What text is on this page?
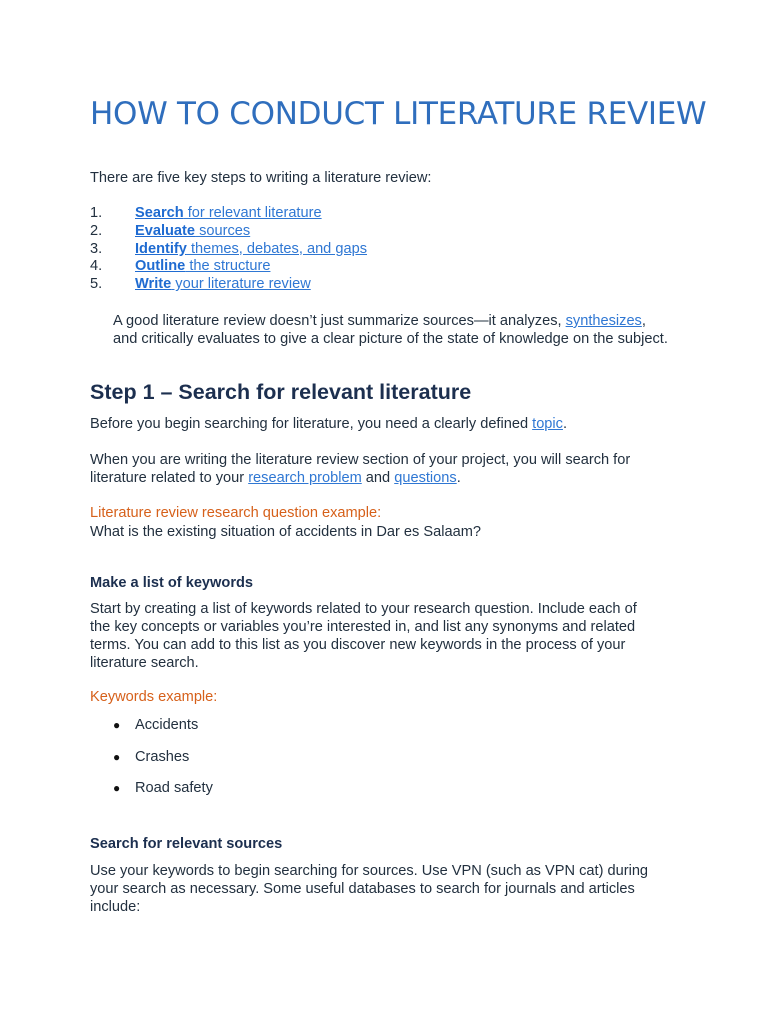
HOW TO CONDUCT LITERATURE REVIEW

There are five key steps to writing a literature review:

1. Search for relevant literature
2. Evaluate sources
3. Identify themes, debates, and gaps
4. Outline the structure
5. Write your literature review

A good literature review doesn’t just summarize sources—it analyzes, synthesizes, and critically evaluates to give a clear picture of the state of knowledge on the subject.

Step 1 – Search for relevant literature

Before you begin searching for literature, you need a clearly defined topic.

When you are writing the literature review section of your project, you will search for literature related to your research problem and questions.

Literature review research question example:

What is the existing situation of accidents in Dar es Salaam?

Make a list of keywords

Start by creating a list of keywords related to your research question. Include each of the key concepts or variables you’re interested in, and list any synonyms and related terms. You can add to this list as you discover new keywords in the process of your literature search.

Keywords example:

● Accidents
● Crashes
● Road safety
Search for relevant sources

Use your keywords to begin searching for sources. Use VPN (such as VPN cat) during your search as necessary. Some useful databases to search for journals and articles include:
